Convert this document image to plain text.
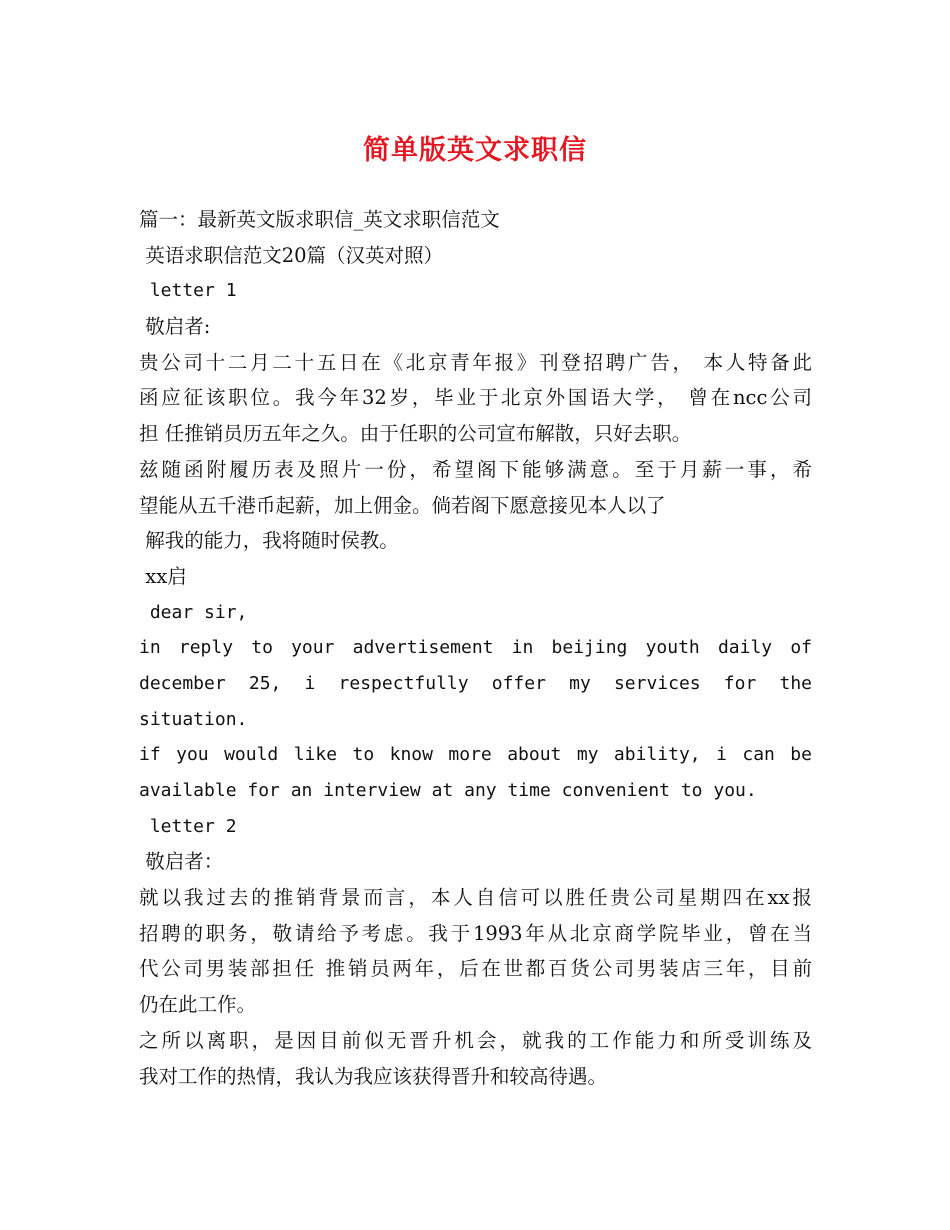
简单版英文求职信
篇一：最新英文版求职信_英文求职信范文
英语求职信范文20篇（汉英对照）
letter 1
敬启者:
贵公司十二月二十五日在《北京青年报》刊登招聘广告， 本人特备此
函应征该职位。我今年32岁，毕业于北京外国语大学， 曾在ncc公司
担 任推销员历五年之久。由于任职的公司宣布解散，只好去职。
兹随函附履历表及照片一份，希望阁下能够满意。至于月薪一事，希
望能从五千港币起薪，加上佣金。倘若阁下愿意接见本人以了
解我的能力，我将随时侯教。
xx启
dear sir,
in reply to your advertisement in beijing youth daily of
december 25, i respectfully offer my services for the
situation.
if you would like to know more about my ability, i can be
available for an interview at any time convenient to you.
letter 2
敬启者：
就以我过去的推销背景而言，本人自信可以胜任贵公司星期四在xx报
招聘的职务，敬请给予考虑。我于1993年从北京商学院毕业，曾在当
代公司男装部担任 推销员两年，后在世都百货公司男装店三年，目前
仍在此工作。
之所以离职，是因目前似无晋升机会，就我的工作能力和所受训练及
我对工作的热情，我认为我应该获得晋升和较高待遇。
